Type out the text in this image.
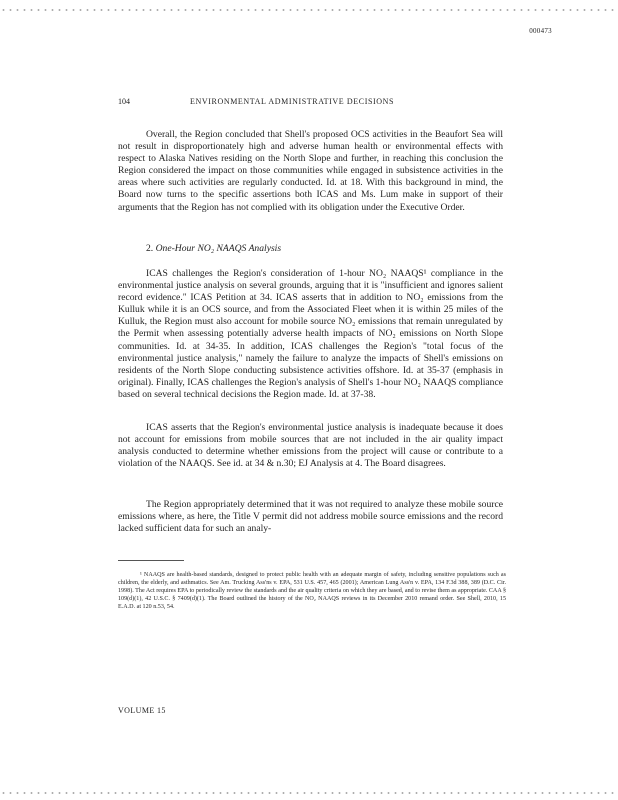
000473
104	ENVIRONMENTAL ADMINISTRATIVE DECISIONS

Overall, the Region concluded that Shell's proposed OCS activities in the Beaufort Sea will not result in disproportionately high and adverse human health or environmental effects with respect to Alaska Natives residing on the North Slope and further, in reaching this conclusion the Region considered the impact on those communities while engaged in subsistence activities in the areas where such activities are regularly conducted. Id. at 18. With this background in mind, the Board now turns to the specific assertions both ICAS and Ms. Lum make in support of their arguments that the Region has not complied with its obligation under the Executive Order.

2. One-Hour NO₂ NAAQS Analysis

ICAS challenges the Region's consideration of 1-hour NO₂ NAAQS¹ compliance in the environmental justice analysis on several grounds, arguing that it is "insufficient and ignores salient record evidence." ICAS Petition at 34. ICAS asserts that in addition to NO₂ emissions from the Kulluk while it is an OCS source, and from the Associated Fleet when it is within 25 miles of the Kulluk, the Region must also account for mobile source NO₂ emissions that remain unregulated by the Permit when assessing potentially adverse health impacts of NO₂ emissions on North Slope communities. Id. at 34-35. In addition, ICAS challenges the Region's "total focus of the environmental justice analysis," namely the failure to analyze the impacts of Shell's emissions on residents of the North Slope conducting subsistence activities offshore. Id. at 35-37 (emphasis in original). Finally, ICAS challenges the Region's analysis of Shell's 1-hour NO₂ NAAQS compliance based on several technical decisions the Region made. Id. at 37-38.

ICAS asserts that the Region's environmental justice analysis is inadequate because it does not account for emissions from mobile sources that are not included in the air quality impact analysis conducted to determine whether emissions from the project will cause or contribute to a violation of the NAAQS. See id. at 34 & n.30; EJ Analysis at 4. The Board disagrees.

The Region appropriately determined that it was not required to analyze these mobile source emissions where, as here, the Title V permit did not address mobile source emissions and the record lacked sufficient data for such an analy-

¹ NAAQS are health-based standards, designed to protect public health with an adequate margin of safety, including sensitive populations such as children, the elderly, and asthmatics. See Am. Trucking Ass'ns v. EPA, 531 U.S. 457, 465 (2001); American Lung Ass'n v. EPA, 134 F.3d 388, 389 (D.C. Cir. 1998). The Act requires EPA to periodically review the standards and the air quality criteria on which they are based, and to revise them as appropriate. CAA § 109(d)(1), 42 U.S.C. § 7409(d)(1). The Board outlined the history of the NO₂ NAAQS reviews in its December 2010 remand order. See Shell, 2010, 15 E.A.D. at 120 n.53, 54.

VOLUME 15
